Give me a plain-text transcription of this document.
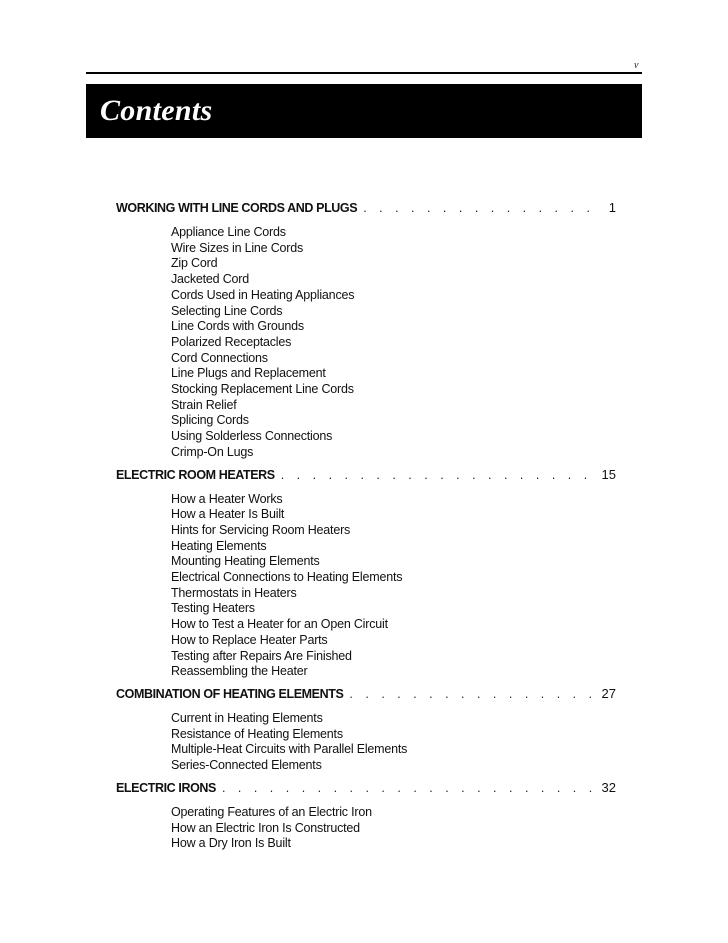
v
Contents
WORKING WITH LINE CORDS AND PLUGS . . .	1
Appliance Line Cords
Wire Sizes in Line Cords
Zip Cord
Jacketed Cord
Cords Used in Heating Appliances
Selecting Line Cords
Line Cords with Grounds
Polarized Receptacles
Cord Connections
Line Plugs and Replacement
Stocking Replacement Line Cords
Strain Relief
Splicing Cords
Using Solderless Connections
Crimp-On Lugs
ELECTRIC ROOM HEATERS . . .	15
How a Heater Works
How a Heater Is Built
Hints for Servicing Room Heaters
Heating Elements
Mounting Heating Elements
Electrical Connections to Heating Elements
Thermostats in Heaters
Testing Heaters
How to Test a Heater for an Open Circuit
How to Replace Heater Parts
Testing after Repairs Are Finished
Reassembling the Heater
COMBINATION OF HEATING ELEMENTS . . .	27
Current in Heating Elements
Resistance of Heating Elements
Multiple-Heat Circuits with Parallel Elements
Series-Connected Elements
ELECTRIC IRONS . . .	32
Operating Features of an Electric Iron
How an Electric Iron Is Constructed
How a Dry Iron Is Built
